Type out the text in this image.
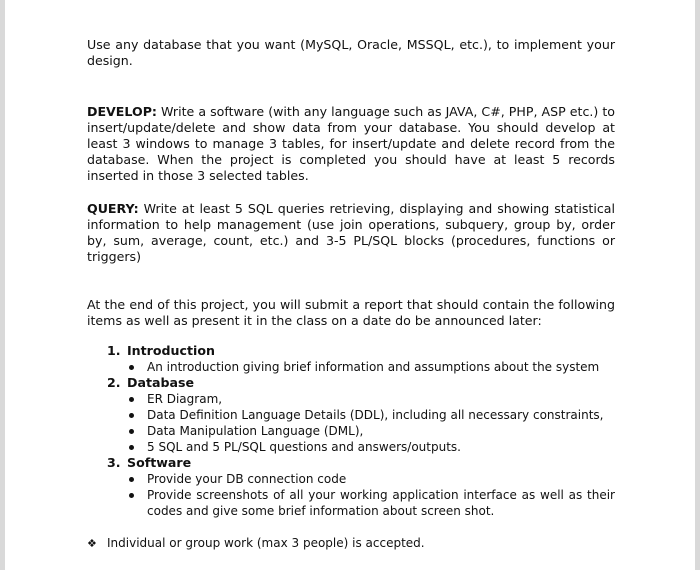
Use any database that you want (MySQL, Oracle, MSSQL, etc.), to implement your design.

DEVELOP: Write a software (with any language such as JAVA, C#, PHP, ASP etc.) to insert/update/delete and show data from your database. You should develop at least 3 windows to manage 3 tables, for insert/update and delete record from the database. When the project is completed you should have at least 5 records inserted in those 3 selected tables.

QUERY: Write at least 5 SQL queries retrieving, displaying and showing statistical information to help management (use join operations, subquery, group by, order by, sum, average, count, etc.) and 3-5 PL/SQL blocks (procedures, functions or triggers)

At the end of this project, you will submit a report that should contain the following items as well as present it in the class on a date do be announced later:

1. Introduction
An introduction giving brief information and assumptions about the system
2. Database
ER Diagram,
Data Definition Language Details (DDL), including all necessary constraints,
Data Manipulation Language (DML),
5 SQL and 5 PL/SQL questions and answers/outputs.
3. Software
Provide your DB connection code
Provide screenshots of all your working application interface as well as their codes and give some brief information about screen shot.
❖ Individual or group work (max 3 people) is accepted.
